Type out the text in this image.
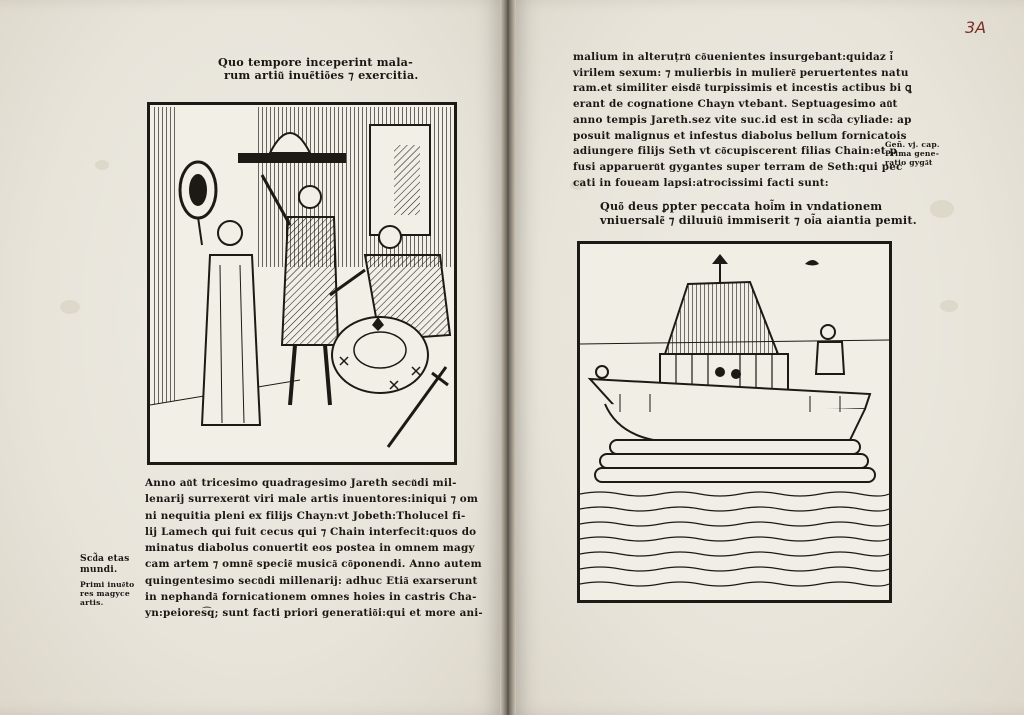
Quo tempore inceperint mala-
rum artiu͂ inue͂tio͂es ⁊ exercitia.
Anno au͂t tricesimo quadragesimo Jareth secu͂di mil-
lenarij surrexeru͂t viri male artis inuentores:iniqui ⁊ om
ni nequitia pleni ex filijs Chayn:vt Jobeth:Tholucel fi-
lij Lamech qui fuit cecus qui ⁊ Chain interfecit:quos do
minatus diabolus conuertit eos postea in omnem magy
cam artem ⁊ omne͂ specie͂ musica͂ co͂ponendi. Anno autem
quingentesimo secu͂di millenarij: adhuc Etia͂ exarserunt
in nephanda͂ fornicationem omnes hoies in castris Cha-
yn:peiores͡q; sunt facti priori generatio͂i:qui et more ani-
Scd͂a etas
mundi.
Primi inue͂to
res magyce
artis.
3A
malium in alteruțru͂ co͂uenientes insurgebant:quidaz i͂
virilem sexum: ⁊ mulierbis in muliere͂ peruertentes natu
ram.et similiter eisde͂ turpissimis et incestis actibus bi ꝗ
erant de cognatione Chayn vtebant. Septuagesimo au͂t
anno tempis Jareth.sez vite suc.id est in scd͂a cyliade: ap
posuit malignus et infestus diabolus bellum fornicatois
adiungere filijs Seth vt co͂cupiscerent filias Chain:et p
fusi apparueru͂t gygantes super terram de Seth:qui pec
cati in foueam lapsi:atrocissimi facti sunt:
Geñ. vj. cap.
Prima gene-
ratio gyga͂t
Quo͂ deus ꝑpter peccata hoi͂m in vndationem
vniuersale͂ ⁊ diluuiu͂ immiserit ⁊ oi͂a aiantia pemit.
